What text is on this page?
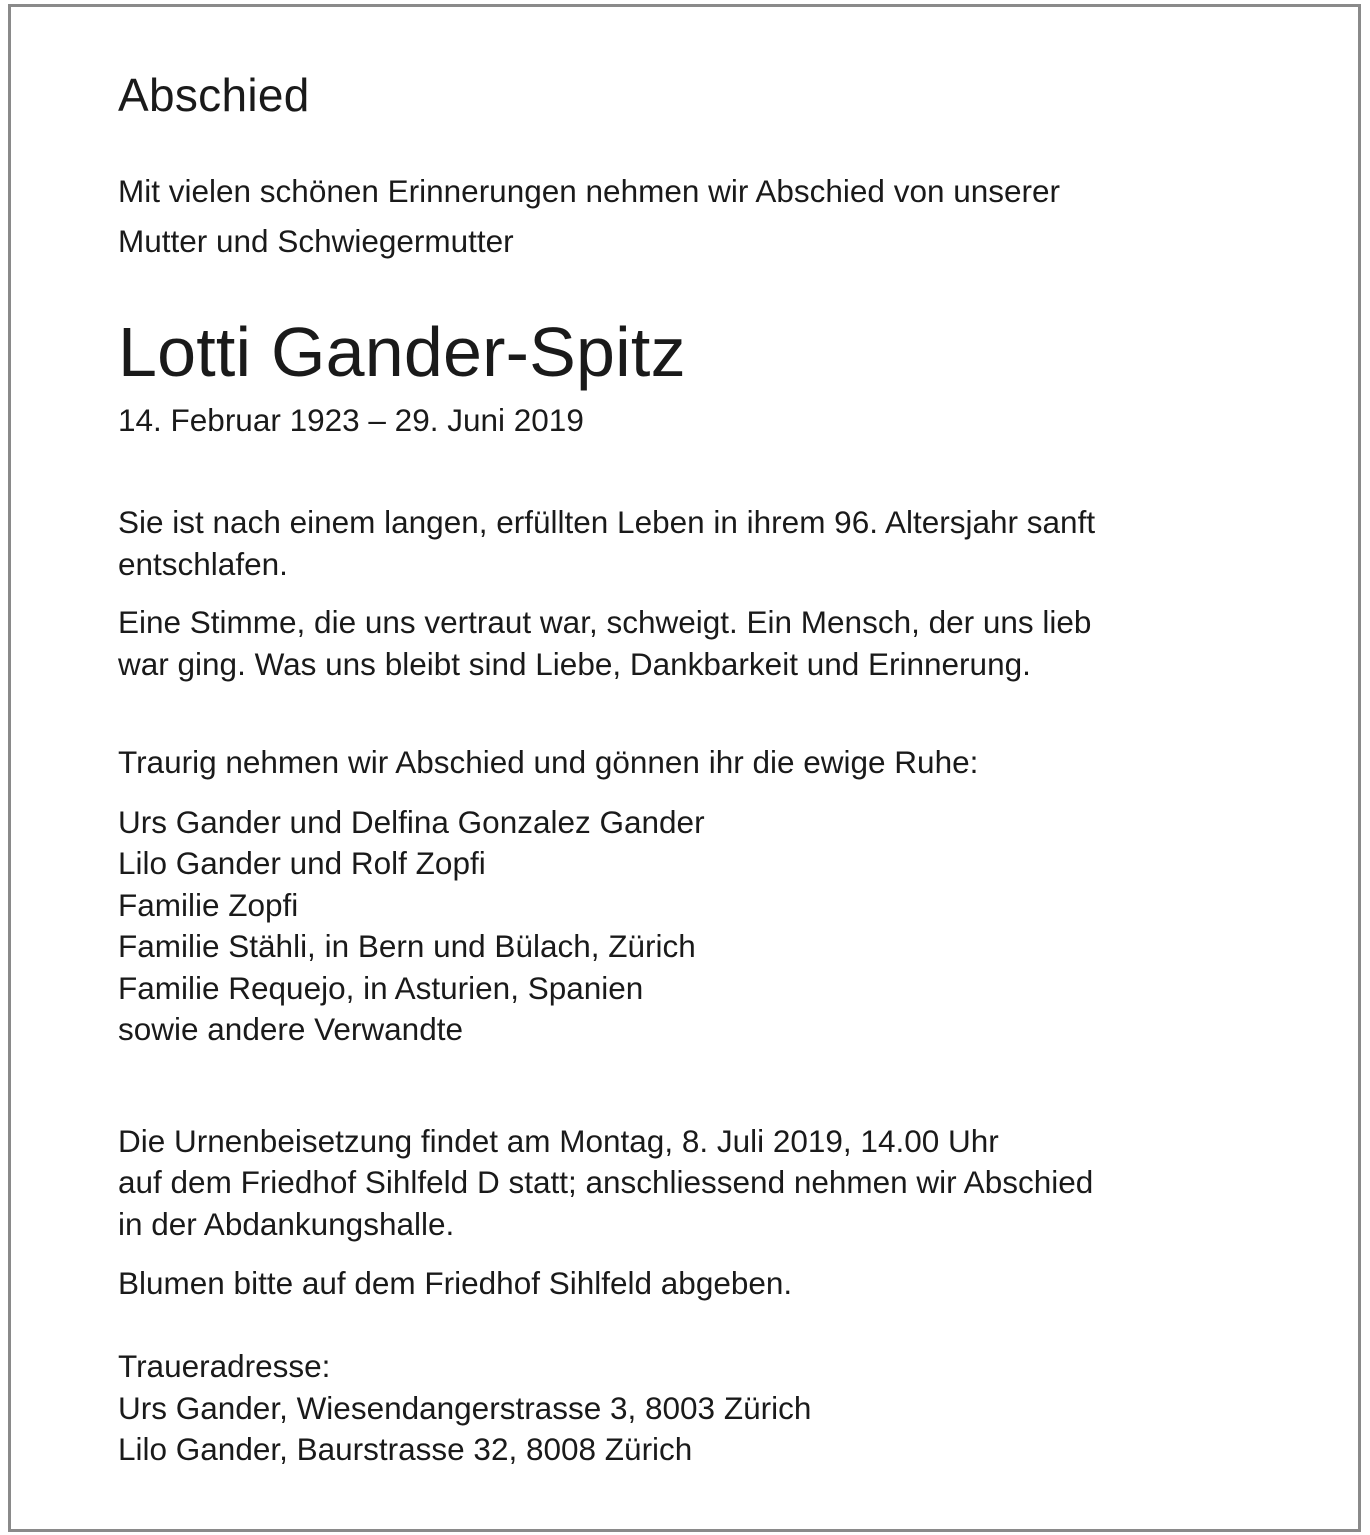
Abschied

Mit vielen schönen Erinnerungen nehmen wir Abschied von unserer

Mutter und Schwiegermutter

Lotti Gander-Spitz

14. Februar 1923 – 29. Juni 2019

Sie ist nach einem langen, erfüllten Leben in ihrem 96. Altersjahr sanft

entschlafen.

Eine Stimme, die uns vertraut war, schweigt. Ein Mensch, der uns lieb

war ging. Was uns bleibt sind Liebe, Dankbarkeit und Erinnerung.

Traurig nehmen wir Abschied und gönnen ihr die ewige Ruhe:

Urs Gander und Delfina Gonzalez Gander

Lilo Gander und Rolf Zopfi

Familie Zopfi

Familie Stähli, in Bern und Bülach, Zürich

Familie Requejo, in Asturien, Spanien

sowie andere Verwandte

Die Urnenbeisetzung findet am Montag, 8. Juli 2019, 14.00 Uhr

auf dem Friedhof Sihlfeld D statt; anschliessend nehmen wir Abschied

in der Abdankungshalle.

Blumen bitte auf dem Friedhof Sihlfeld abgeben.

Traueradresse:

Urs Gander, Wiesendangerstrasse 3, 8003 Zürich

Lilo Gander, Baurstrasse 32, 8008 Zürich
